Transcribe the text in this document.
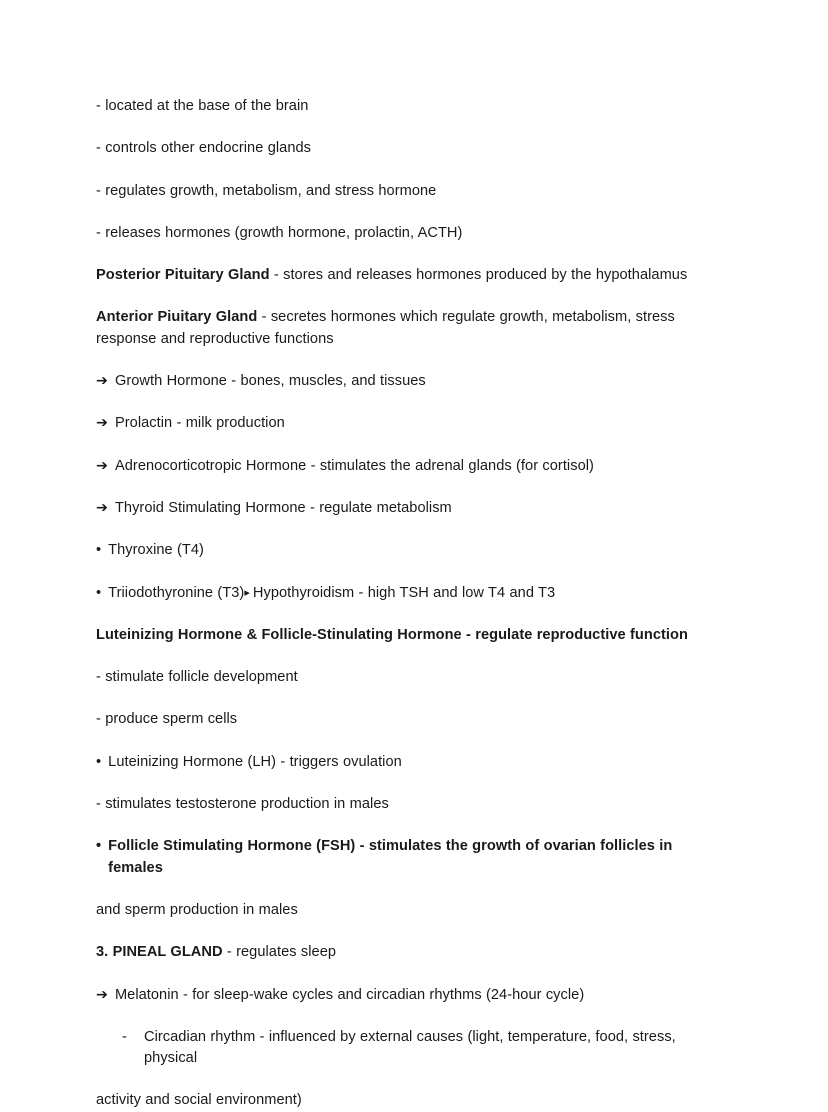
- located at the base of the brain

- controls other endocrine glands

- regulates growth, metabolism, and stress hormone

- releases hormones (growth hormone, prolactin, ACTH)

Posterior Pituitary Gland - stores and releases hormones produced by the hypothalamus

Anterior Piuitary Gland - secretes hormones which regulate growth, metabolism, stress response and reproductive functions

➔ Growth Hormone - bones, muscles, and tissues

➔ Prolactin - milk production

➔ Adrenocorticotropic Hormone - stimulates the adrenal glands (for cortisol)

➔ Thyroid Stimulating Hormone - regulate metabolism

• Thyroxine (T4)

• Triiodothyronine (T3)▸ Hypothyroidism - high TSH and low T4 and T3

Luteinizing Hormone & Follicle-Stinulating Hormone - regulate reproductive function

- stimulate follicle development

- produce sperm cells

• Luteinizing Hormone (LH) - triggers ovulation

- stimulates testosterone production in males

• Follicle Stimulating Hormone (FSH) - stimulates the growth of ovarian follicles in females

and sperm production in males

3. PINEAL GLAND - regulates sleep

➔ Melatonin - for sleep-wake cycles and circadian rhythms (24-hour cycle)

-	Circadian rhythm - influenced by external causes (light, temperature, food, stress, physical

activity and social environment)
